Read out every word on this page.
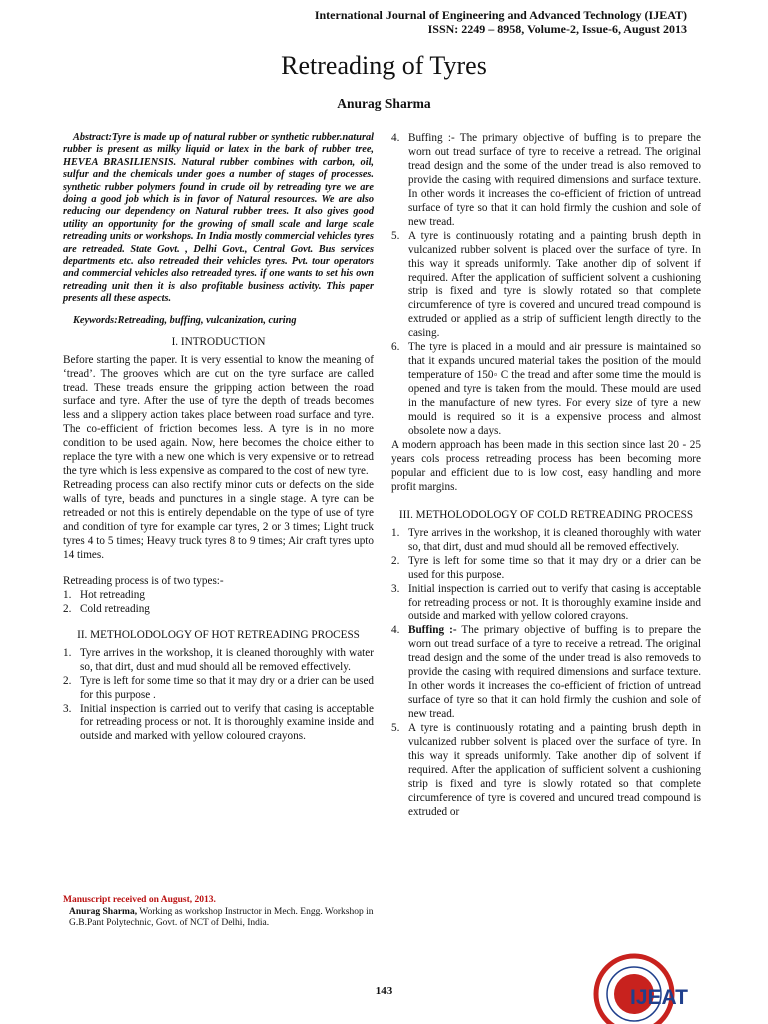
International Journal of Engineering and Advanced Technology (IJEAT)
ISSN: 2249 – 8958, Volume-2, Issue-6, August 2013
Retreading of Tyres
Anurag Sharma

Abstract:Tyre is made up of natural rubber or synthetic rubber.natural rubber is present as milky liquid or latex in the bark of rubber tree, HEVEA BRASILIENSIS. Natural rubber combines with carbon, oil, sulfur and the chemicals under goes a number of stages of processes. synthetic rubber polymers found in crude oil by retreading tyre we are doing a good job which is in favor of Natural resources. We are also reducing our dependency on Natural rubber trees. It also gives good utility an opportunity for the growing of small scale and large scale retreading units or workshops. In India mostly commercial vehicles tyres are retreaded. State Govt. , Delhi Govt., Central Govt. Bus services departments etc. also retreaded their vehicles tyres. Pvt. tour operators and commercial vehicles also retreaded tyres. if one wants to set his own retreading unit then it is also profitable business activity. This paper presents all these aspects.

Keywords:Retreading, buffing, vulcanization, curing

I. INTRODUCTION

Before starting the paper. It is very essential to know the meaning of ‘tread’. The grooves which are cut on the tyre surface are called tread. These treads ensure the gripping action between the road surface and tyre. After the use of tyre the depth of treads becomes less and a slippery action takes place between road surface and tyre. The co-efficient of friction becomes less. A tyre is in no more condition to be used again. Now, here becomes the choice either to replace the tyre with a new one which is very expensive or to retread the tyre which is less expensive as compared to the cost of new tyre.

Retreading process can also rectify minor cuts or defects on the side walls of tyre, beads and punctures in a single stage. A tyre can be retreaded or not this is entirely dependable on the type of use of tyre and condition of tyre for example car tyres, 2 or 3 times; Light truck tyres 4 to 5 times; Heavy truck tyres 8 to 9 times; Air craft tyres upto 14 times.

Retreading process is of two types:-

1. Hot retreading
2. Cold retreading
II. METHOLODOLOGY OF HOT RETREADING PROCESS
1. Tyre arrives in the workshop, it is cleaned thoroughly with water so, that dirt, dust and mud should all be removed effectively.
2. Tyre is left for some time so that it may dry or a drier can be used for this purpose .
3. Initial inspection is carried out to verify that casing is acceptable for retreading process or not. It is thoroughly examine inside and outside and marked with yellow coloured crayons.
Manuscript received on August, 2013.
Anurag Sharma, Working as workshop Instructor in Mech. Engg. Workshop in G.B.Pant Polytechnic, Govt. of NCT of Delhi, India.
4. Buffing :- The primary objective of buffing is to prepare the worn out tread surface of tyre to receive a retread. The original tread design and the some of the under tread is also removed to provide the casing with required dimensions and surface texture. In other words it increases the co-efficient of friction of untread surface of tyre so that it can hold firmly the cushion and sole of new tread.
5. A tyre is continuously rotating and a painting brush depth in vulcanized rubber solvent is placed over the surface of tyre. In this way it spreads uniformly. Take another dip of solvent if required. After the application of sufficient solvent a cushioning strip is fixed and tyre is slowly rotated so that complete circumference of tyre is covered and uncured tread compound is extruded or applied as a strip of sufficient length directly to the casing.
6. The tyre is placed in a mould and air pressure is maintained so that it expands uncured material takes the position of the mould temperature of 150◦ C the tread and after some time the mould is opened and tyre is taken from the mould. These mould are used in the manufacture of new tyres. For every size of tyre a new mould is required so it is a expensive process and almost obsolete now a days.

A modern approach has been made in this section since last 20 - 25 years cols process retreading process has been becoming more popular and efficient due to is low cost, easy handling and more profit margins.

III. METHOLODOLOGY OF COLD RETREADING PROCESS
1. Tyre arrives in the workshop, it is cleaned thoroughly with water so, that dirt, dust and mud should all be removed effectively.
2. Tyre is left for some time so that it may dry or a drier can be used for this purpose.
3. Initial inspection is carried out to verify that casing is acceptable for retreading process or not. It is thoroughly examine inside and outside and marked with yellow colored crayons.
4. Buffing :- The primary objective of buffing is to prepare the worn out tread surface of a tyre to receive a retread. The original tread design and the some of the under tread is also removeds to provide the casing with required dimensions and surface texture. In other words it increases the co-efficient of friction of untread surface of tyre so that it can hold firmly the cushion and sole of new tread.
5. A tyre is continuously rotating and a painting brush depth in vulcanized rubber solvent is placed over the surface of tyre. In this way it spreads uniformly. Take another dip of solvent if required. After the application of sufficient solvent a cushioning strip is fixed and tyre is slowly rotated so that complete circumference of tyre is covered and uncured tread compound is extruded or
143	IJEAT
